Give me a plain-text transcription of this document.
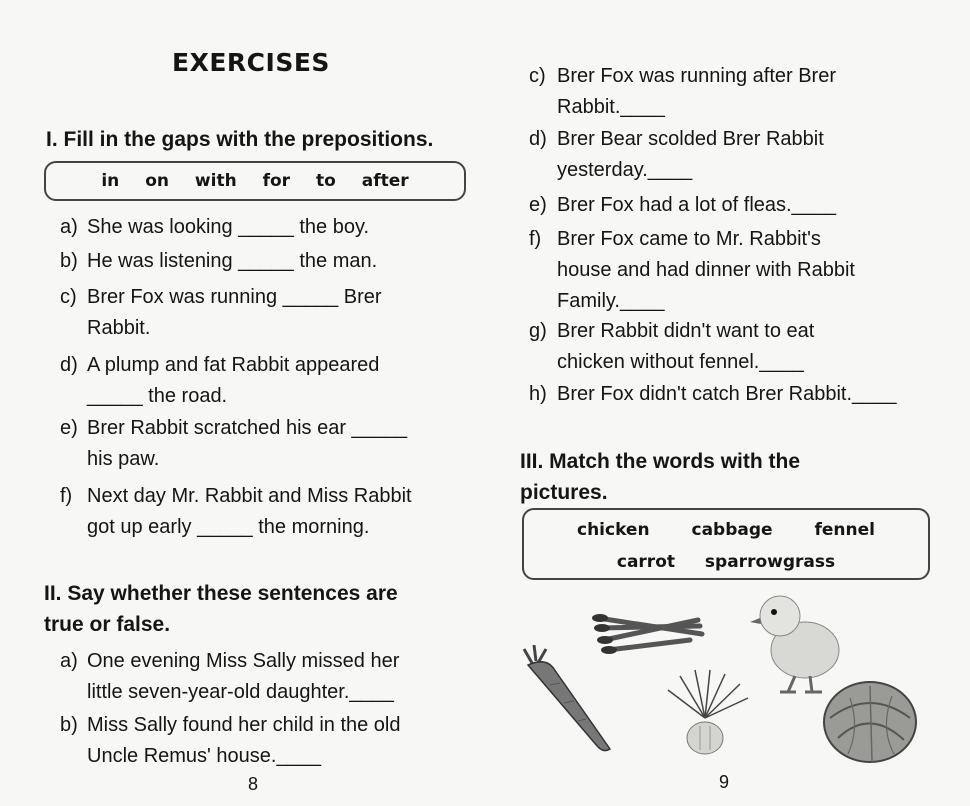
EXERCISES
I. Fill in the gaps with the prepositions.
in on with for to after
a) She was looking _____ the boy.
b) He was listening _____ the man.
c) Brer Fox was running _____ Brer
Rabbit.
d) A plump and fat Rabbit appeared
_____ the road.
e) Brer Rabbit scratched his ear _____
his paw.
f) Next day Mr. Rabbit and Miss Rabbit
got up early _____ the morning.
II. Say whether these sentences are
true or false.
a) One evening Miss Sally missed her
little seven-year-old daughter.____
b) Miss Sally found her child in the old
Uncle Remus' house.____
8
c) Brer Fox was running after Brer
Rabbit.____
d) Brer Bear scolded Brer Rabbit
yesterday.____
e) Brer Fox had a lot of fleas.____
f) Brer Fox came to Mr. Rabbit's
house and had dinner with Rabbit
Family.____
g) Brer Rabbit didn't want to eat
chicken without fennel.____
h) Brer Fox didn't catch Brer Rabbit.____
III. Match the words with the
pictures.
chicken cabbage fennel
carrot sparrowgrass
9
